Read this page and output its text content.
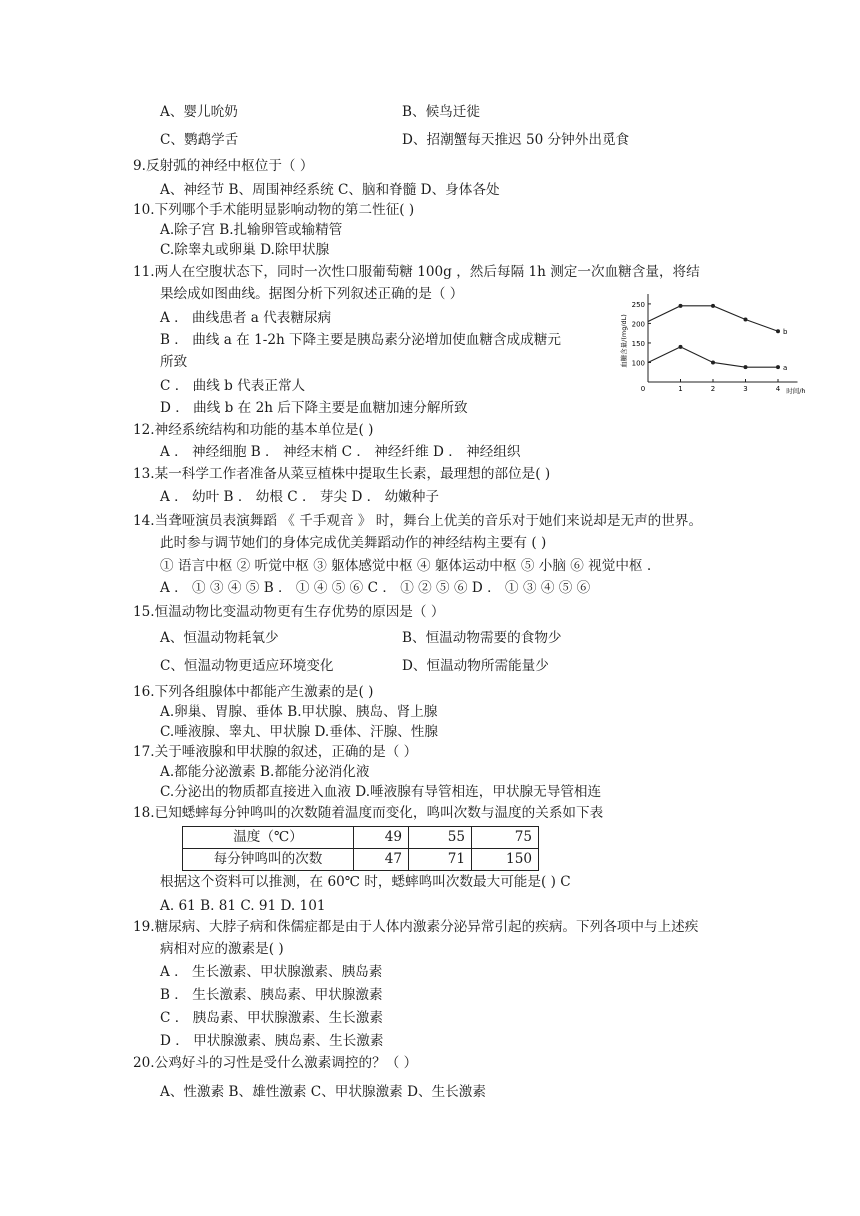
A、婴儿吮奶	B、候鸟迁徙
C、鹦鹉学舌	D、招潮蟹每天推迟 50 分钟外出觅食
9.反射弧的神经中枢位于（ ）
A、神经节 B、周围神经系统 C、脑和脊髓 D、身体各处
10.下列哪个手术能明显影响动物的第二性征( )
A.除子宫 B.扎输卵管或输精管
C.除睾丸或卵巢 D.除甲状腺
11.两人在空腹状态下，同时一次性口服葡萄糖 100g ，然后每隔 1h 测定一次血糖含量，将结
果绘成如图曲线。据图分析下列叙述正确的是（ ）
A ． 曲线患者 a 代表糖尿病
B ． 曲线 a 在 1-2h 下降主要是胰岛素分泌增加使血糖含成成糖元
所致
C ． 曲线 b 代表正常人
D ． 曲线 b 在 2h 后下降主要是血糖加速分解所致
12.神经系统结构和功能的基本单位是( )
A ． 神经细胞 B ． 神经末梢 C ． 神经纤维 D ． 神经组织
13.某一科学工作者准备从菜豆植株中提取生长素，最理想的部位是( )
A ． 幼叶 B ． 幼根 C ． 芽尖 D ． 幼嫩种子
14.当聋哑演员表演舞蹈 《 千手观音 》 时，舞台上优美的音乐对于她们来说却是无声的世界。
此时参与调节她们的身体完成优美舞蹈动作的神经结构主要有 ( )
① 语言中枢 ② 听觉中枢 ③ 躯体感觉中枢 ④ 躯体运动中枢 ⑤ 小脑 ⑥ 视觉中枢 .
A ． ① ③ ④ ⑤ B ． ① ④ ⑤ ⑥ C ． ① ② ⑤ ⑥ D ． ① ③ ④ ⑤ ⑥
15.恒温动物比变温动物更有生存优势的原因是（ ）
A、恒温动物耗氧少	B、恒温动物需要的食物少
C、恒温动物更适应环境变化	D、恒温动物所需能量少
16.下列各组腺体中都能产生激素的是( )
A.卵巢、胃腺、垂体 B.甲状腺、胰岛、肾上腺
C.唾液腺、睾丸、甲状腺 D.垂体、汗腺、性腺
17.关于唾液腺和甲状腺的叙述，正确的是（ ）
A.都能分泌激素 B.都能分泌消化液
C.分泌出的物质都直接进入血液 D.唾液腺有导管相连，甲状腺无导管相连
18.已知蟋蟀每分钟鸣叫的次数随着温度而变化，鸣叫次数与温度的关系如下表
根据这个资料可以推测，在 60℃ 时，蟋蟀鸣叫次数最大可能是( ) C
A. 61 B. 81 C. 91 D. 101
19.糖尿病、大脖子病和侏儒症都是由于人体内激素分泌异常引起的疾病。下列各项中与上述疾
病相对应的激素是( )
A ． 生长激素、甲状腺激素、胰岛素
B ． 生长激素、胰岛素、甲状腺激素
C ． 胰岛素、甲状腺激素、生长激素
D ． 甲状腺激素、胰岛素、生长激素
20.公鸡好斗的习性是受什么激素调控的？（ ）
A、性激素 B、雄性激素 C、甲状腺激素 D、生长激素
温度（℃）	49	55	75
每分钟鸣叫的次数	47	71	150
100
150
200
250
0	1	2	3	4 时间/h
血糖含量/(mg/dL)
a
b
